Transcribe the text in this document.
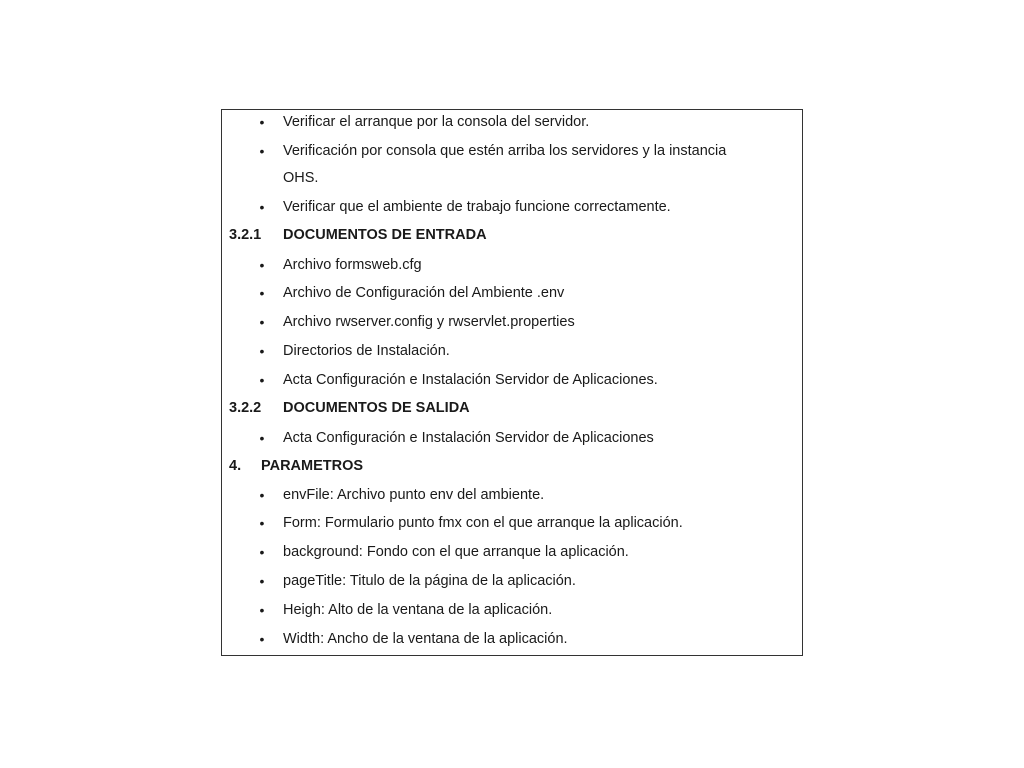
• Verificar el arranque por la consola del servidor.
• Verificación por consola que estén arriba los servidores y la instancia
OHS.
• Verificar que el ambiente de trabajo funcione correctamente.
3.2.1 DOCUMENTOS DE ENTRADA
• Archivo formsweb.cfg
• Archivo de Configuración del Ambiente .env
• Archivo rwserver.config y rwservlet.properties
• Directorios de Instalación.
• Acta Configuración e Instalación Servidor de Aplicaciones.
3.2.2 DOCUMENTOS DE SALIDA
• Acta Configuración e Instalación Servidor de Aplicaciones
4. PARAMETROS
• envFile: Archivo punto env del ambiente.
• Form: Formulario punto fmx con el que arranque la aplicación.
• background: Fondo con el que arranque la aplicación.
• pageTitle: Titulo de la página de la aplicación.
• Heigh: Alto de la ventana de la aplicación.
• Width: Ancho de la ventana de la aplicación.
